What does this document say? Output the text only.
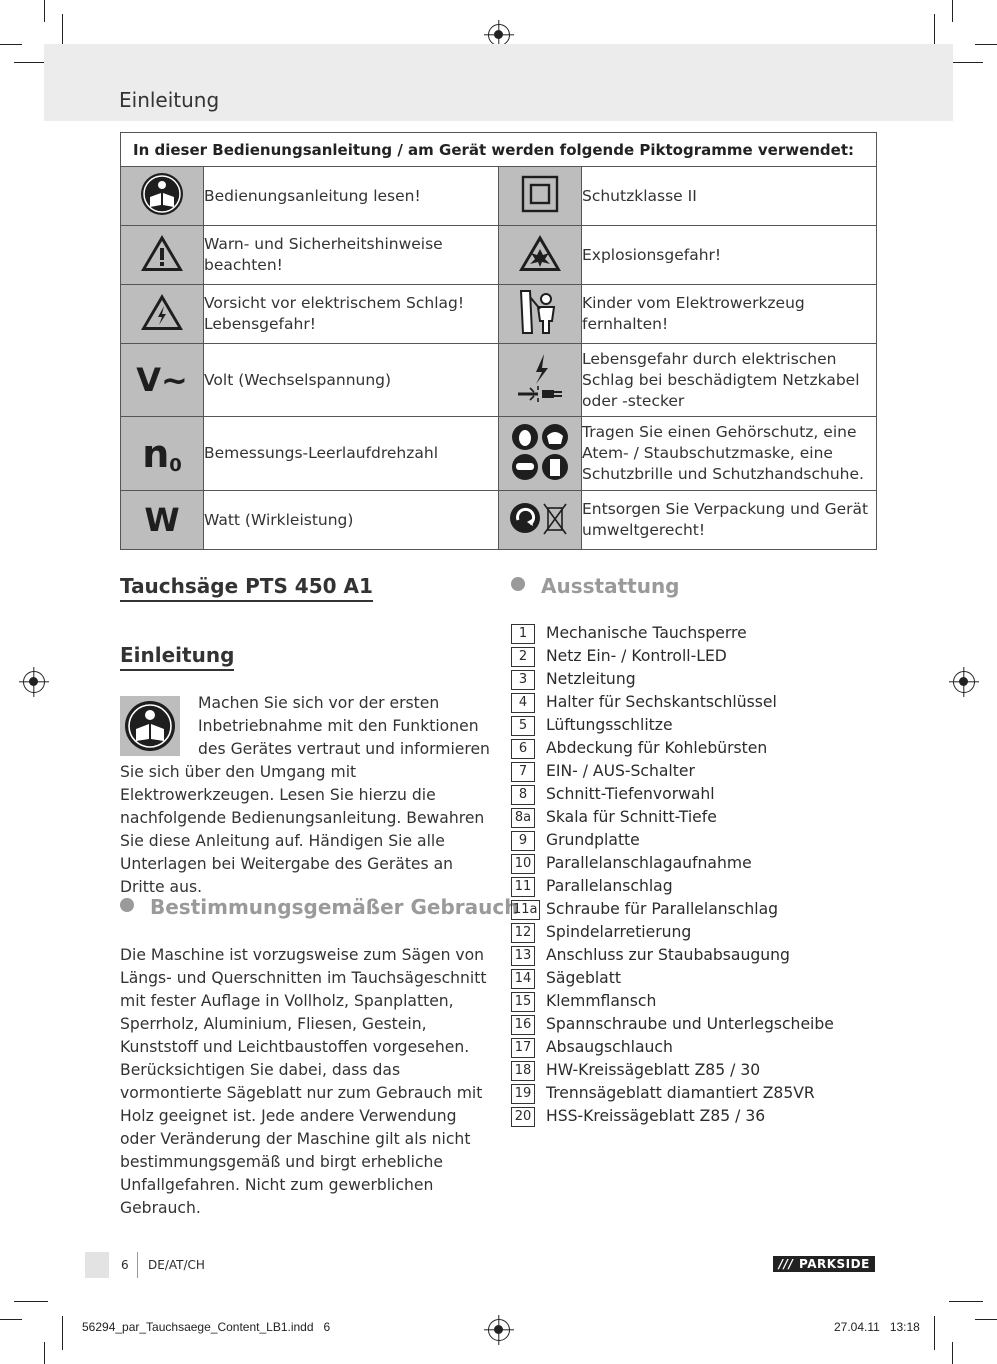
Einleitung
In dieser Bedienungsanleitung / am Gerät werden folgende Piktogramme verwendet:			
	Bedienungsanleitung lesen!		Schutzklasse II
	Warn- und Sicherheitshinweise beachten!		Explosionsgefahr!
	Vorsicht vor elektrischem Schlag! Lebensgefahr!		Kinder vom Elektrowerkzeug fernhalten!
V~	Volt (Wechselspannung)		Lebensgefahr durch elektrischen Schlag bei beschädigtem Netzkabel oder -stecker
$n_0$	Bemessungs-Leerlaufdrehzahl		Tragen Sie einen Gehörschutz, eine Atem- / Staubschutzmaske, eine Schutzbrille und Schutzhandschuhe.
W	Watt (Wirkleistung)		Entsorgen Sie Verpackung und Gerät umweltgerecht!
Tauchsäge PTS 450 A1
Einleitung
Machen Sie sich vor der ersten Inbetriebnahme mit den Funktionen des Gerätes vertraut und informieren Sie sich über den Umgang mit Elektrowerkzeugen. Lesen Sie hierzu die nachfolgende Bedienungsanleitung. Bewahren Sie diese Anleitung auf. Händigen Sie alle Unterlagen bei Weitergabe des Gerätes an Dritte aus.
Bestimmungsgemäßer Gebrauch
Die Maschine ist vorzugsweise zum Sägen von Längs- und Querschnitten im Tauchsägeschnitt mit fester Auflage in Vollholz, Spanplatten, Sperrholz, Aluminium, Fliesen, Gestein, Kunststoff und Leichtbaustoffen vorgesehen. Berücksichtigen Sie dabei, dass das vormontierte Sägeblatt nur zum Gebrauch mit Holz geeignet ist. Jede andere Verwendung oder Veränderung der Maschine gilt als nicht bestimmungsgemäß und birgt erhebliche Unfallgefahren. Nicht zum gewerblichen Gebrauch.
Ausstattung
1	Mechanische Tauchsperre
2	Netz Ein- / Kontroll-LED
3	Netzleitung
4	Halter für Sechskantschlüssel
5	Lüftungsschlitze
6	Abdeckung für Kohlebürsten
7	EIN- / AUS-Schalter
8	Schnitt-Tiefenvorwahl
8a Skala für Schnitt-Tiefe
9	Grundplatte
10 Parallelanschlagaufnahme
11 Parallelanschlag
11a Schraube für Parallelanschlag
12 Spindelarretierung
13 Anschluss zur Staubabsaugung
14 Sägeblatt
15 Klemmflansch
16 Spannschraube und Unterlegscheibe
17 Absaugschlauch
18 HW-Kreissägeblatt Z85 / 30
19 Trennsägeblatt diamantiert Z85VR
20 HSS-Kreissägeblatt Z85 / 36
6 DE/AT/CH	/// PARKSIDE
56294_par_Tauchsaege_Content_LB1.indd   6	27.04.11   13:18
